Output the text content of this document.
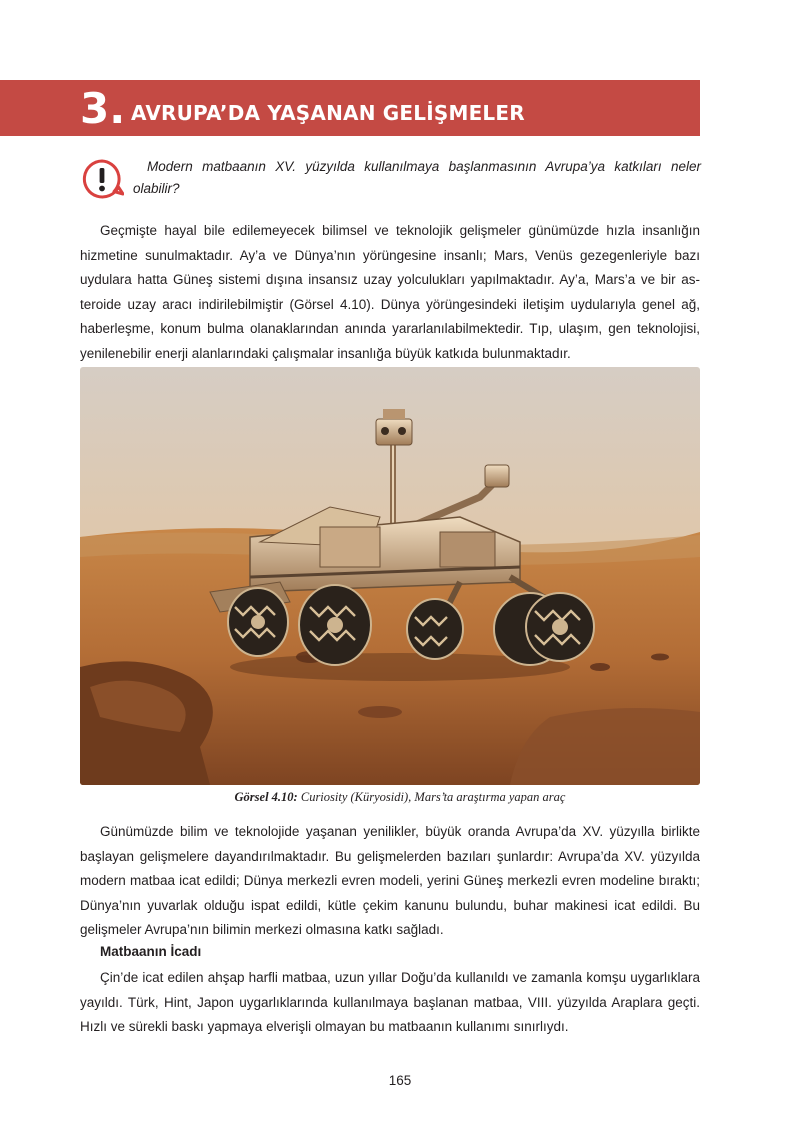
3. AVRUPA’DA YAŞANAN GELİŞMELER
Modern matbaanın XV. yüzyılda kullanılmaya başlanmasının Avrupa’ya katkıları neler olabilir?

Geçmişte hayal bile edilemeyecek bilimsel ve teknolojik gelişmeler günümüzde hızla insanlığın hizmetine sunulmaktadır. Ay’a ve Dünya’nın yörüngesine insanlı; Mars, Venüs gezegenleriyle bazı uydulara hatta Güneş sistemi dışına insansız uzay yolculukları yapılmaktadır. Ay’a, Mars’a ve bir asteroide uzay aracı indirilebilmiştir (Görsel 4.10). Dünya yörüngesindeki iletişim uydularıyla genel ağ, haberleşme, konum bulma olanaklarından anında yararlanılabilmektedir. Tıp, ulaşım, gen teknolojisi, yenilenebilir enerji alanlarındaki çalışmalar insanlığa büyük katkıda bulunmaktadır.

Görsel 4.10: Curiosity (Küryosidi), Mars’ta araştırma yapan araç

Günümüzde bilim ve teknolojide yaşanan yenilikler, büyük oranda Avrupa’da XV. yüzyılla birlikte başlayan gelişmelere dayandırılmaktadır. Bu gelişmelerden bazıları şunlardır: Avrupa’da XV. yüzyılda modern matbaa icat edildi; Dünya merkezli evren modeli, yerini Güneş merkezli evren modeline bıraktı; Dünya’nın yuvarlak olduğu ispat edildi, kütle çekim kanunu bulundu, buhar makinesi icat edildi. Bu gelişmeler Avrupa’nın bilimin merkezi olmasına katkı sağladı.

Matbaanın İcadı

Çin’de icat edilen ahşap harfli matbaa, uzun yıllar Doğu’da kullanıldı ve zamanla komşu uygarlıklara yayıldı. Türk, Hint, Japon uygarlıklarında kullanılmaya başlanan matbaa, VIII. yüzyılda Araplara geçti. Hızlı ve sürekli baskı yapmaya elverişli olmayan bu matbaanın kullanımı sınırlıydı.

165
